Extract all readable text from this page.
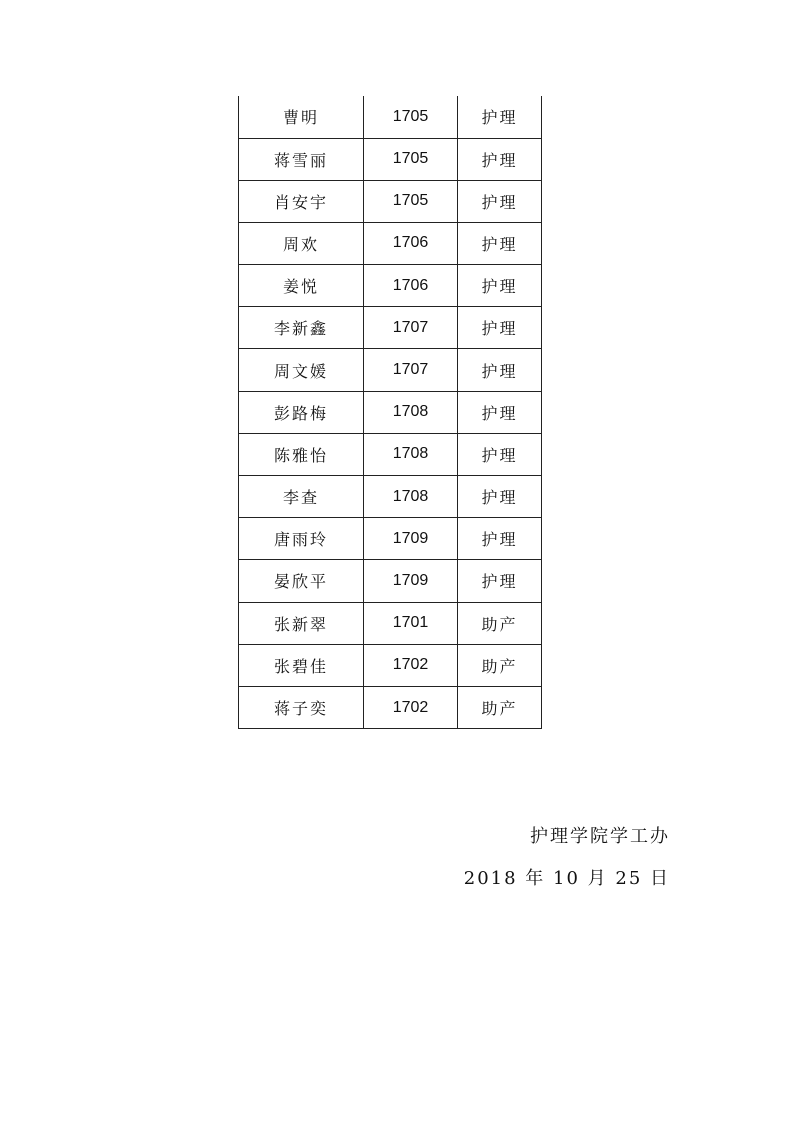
曹明	1705	护理
蒋雪丽	1705	护理
肖安宇	1705	护理
周欢	1706	护理
姜悦	1706	护理
李新鑫	1707	护理
周文媛	1707	护理
彭路梅	1708	护理
陈雅怡	1708	护理
李查	1708	护理
唐雨玲	1709	护理
晏欣平	1709	护理
张新翠	1701	助产
张碧佳	1702	助产
蒋子奕	1702	助产
护理学院学工办
2018 年 10 月 25 日
